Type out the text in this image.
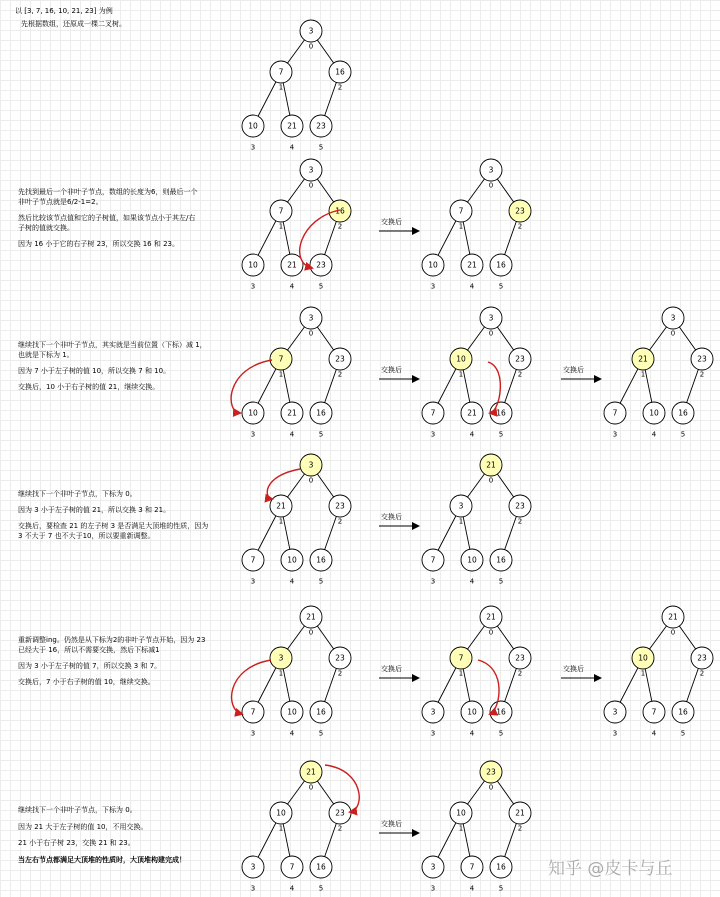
3
0
7
1
16
2
10
3
21
4
23
5
3
0
7
1
16
2
10
3
21
4
23
5
3
0
7
1
23
2
10
3
21
4
16
5
交换后
3
0
7
1
23
2
10
3
21
4
16
5
3
0
10
1
23
2
7
3
21
4
16
5
3
0
21
1
23
2
7
3
10
4
16
5
交换后	交换后
3
0
21
1
23
2
7
3
10
4
16
5
21
0
3
1
23
2
7
3
10
4
16
5
交换后
21
0
3
1
23
2
7
3
10
4
16
5
21
0
7
1
23
2
3
3
10
4
16
5
21
0
10
1
23
2
3
3
7
4
16
5
交换后	交换后
21
0
10
1
23
2
3
3
7
4
16
5
23
0
10
1
21
2
3
3
7
4
16
5
交换后
以 [3, 7, 16, 10, 21, 23] 为例
先根据数组，还原成一棵二叉树。
先找到最后一个非叶子节点，数组的长度为6，则最后一个
非叶子节点就是6/2-1=2。
然后比较该节点值和它的子树值，如果该节点小于其左/右
子树的值就交换。
因为 16 小于它的右子树 23，所以交换 16 和 23。
继续找下一个非叶子节点，其实就是当前位置（下标）减 1，
也就是下标为 1。
因为 7 小于左子树的值 10，所以交换 7 和 10。
交换后，10 小于右子树的值 21，继续交换。
继续找下一个非叶子节点，下标为 0。
因为 3 小于左子树的值 21，所以交换 3 和 21。
交换后，要检查 21 的左子树 3 是否满足大顶堆的性质，因为
3 不大于 7 也不大于10，所以要重新调整。
重新调整ing。仍然是从下标为2的非叶子节点开始，因为 23
已经大于 16，所以不需要交换，然后下标减1
因为 3 小于左子树的值 7，所以交换 3 和 7。
交换后，7 小于右子树的值 10，继续交换。
继续找下一个非叶子节点，下标为 0。
因为 21 大于左子树的值 10，不用交换。
21 小于右子树 23，交换 21 和 23。
当左右节点都满足大顶堆的性质时，大顶堆构建完成！	知乎 @皮卡与丘
